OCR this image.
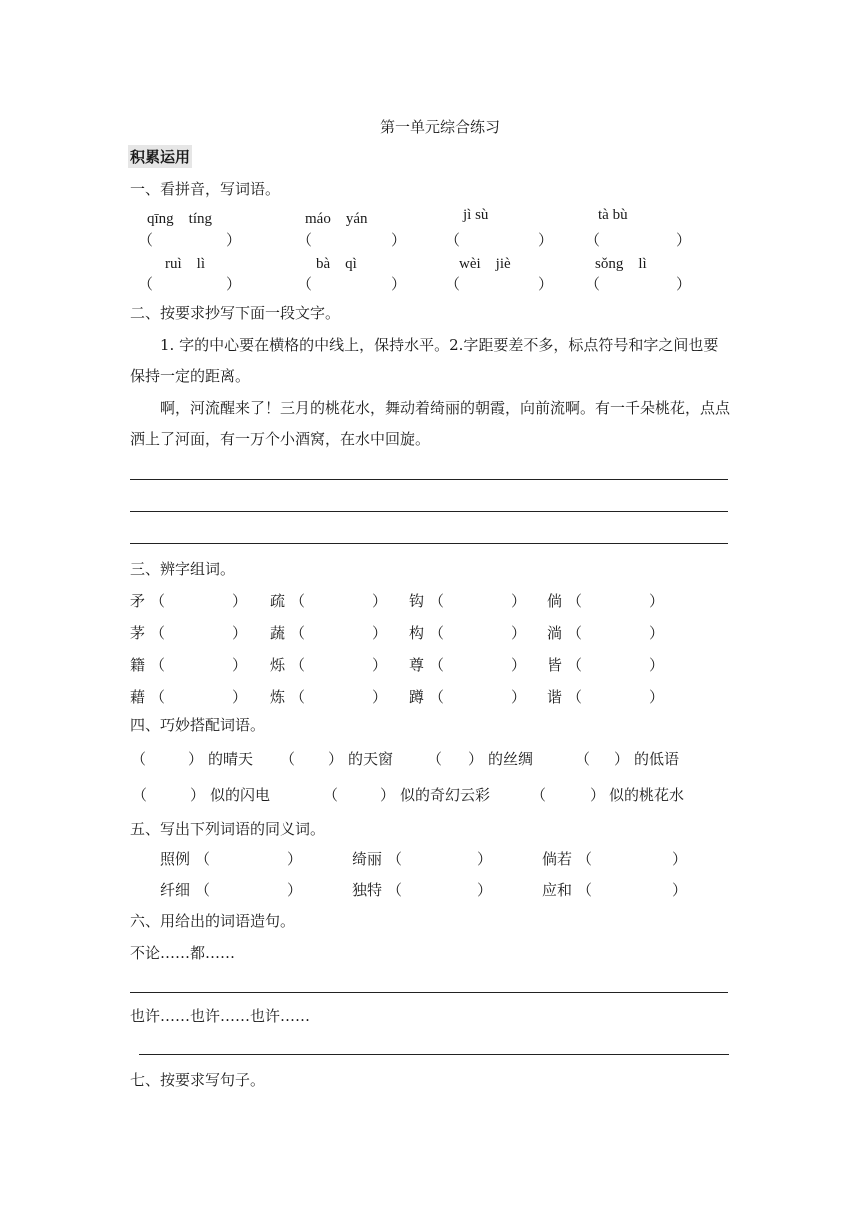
第一单元综合练习
积累运用
一、看拼音，写词语。
qīng　tíng	máo　yán	jì sù	tà bù
（	）	（	）	（	） （	）
ruì　lì	bà　qì	wèi　jiè	sǒng　lì
（	）	（	）	（	） （	）
二、按要求抄写下面一段文字。
1. 字的中心要在横格的中线上，保持水平。2.字距要差不多，标点符号和字之间也要保持一定的距离。
啊，河流醒来了！三月的桃花水，舞动着绮丽的朝霞，向前流啊。有一千朵桃花，点点洒上了河面，有一万个小酒窝，在水中回旋。
三、辨字组词。
矛 （	） 疏 （	） 钩 （	） 倘 （	）
茅 （	） 蔬 （	） 构 （	） 淌 （	）
籍 （	） 烁 （	） 尊 （	） 皆 （	）
藉 （	） 炼 （	） 蹲 （	） 谐 （	）
四、巧妙搭配词语。
（	） 的晴天 （ ） 的天窗 （ ） 的丝绸	（ ） 的低语
（	） 似的闪电	（	） 似的奇幻云彩	（	） 似的桃花水
五、写出下列词语的同义词。
照例 （	）	绮丽 （	）	倘若 （	）
纤细 （	）	独特 （	）	应和 （	）
六、用给出的词语造句。
不论……都……
也许……也许……也许……
七、按要求写句子。
